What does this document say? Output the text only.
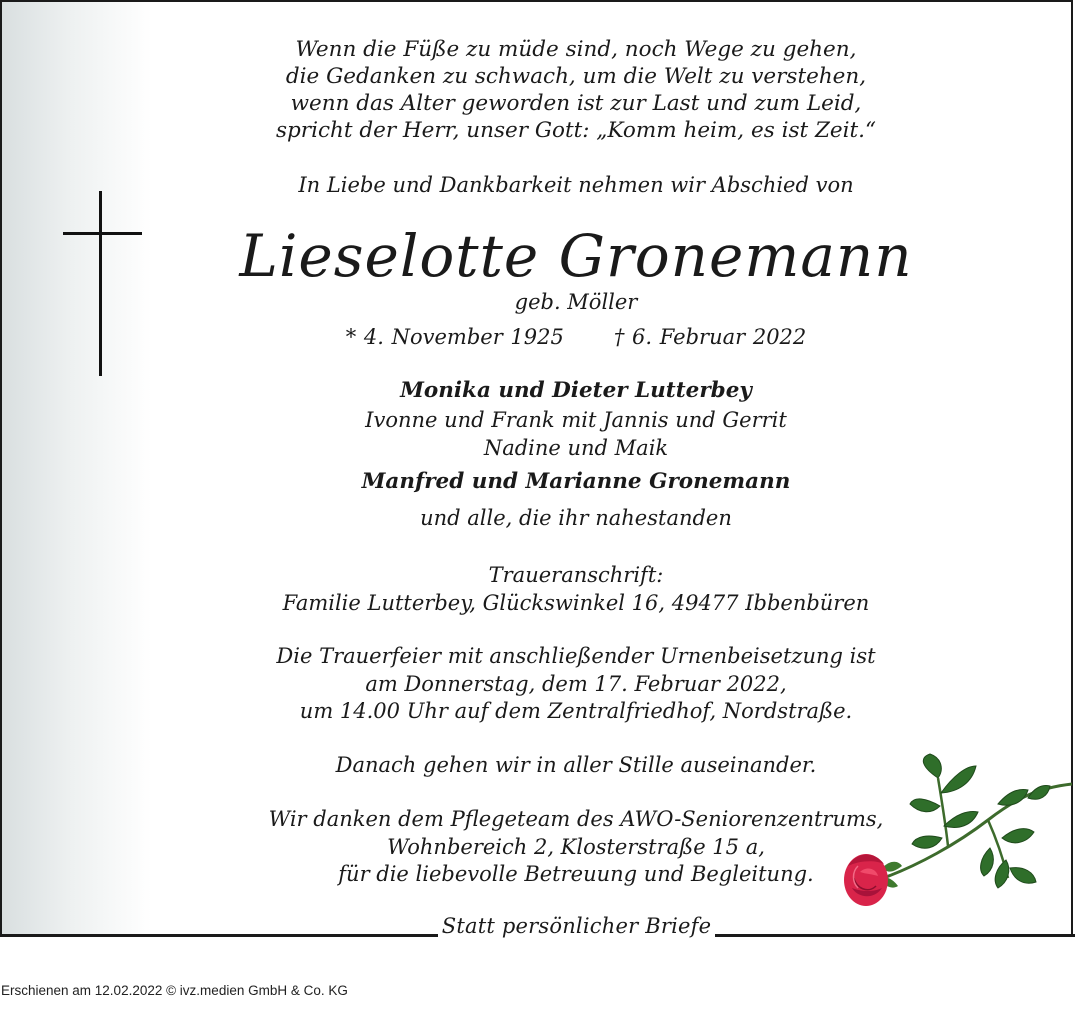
Wenn die Füße zu müde sind, noch Wege zu gehen,
die Gedanken zu schwach, um die Welt zu verstehen,
wenn das Alter geworden ist zur Last und zum Leid,
spricht der Herr, unser Gott: „Komm heim, es ist Zeit.“
In Liebe und Dankbarkeit nehmen wir Abschied von
Lieselotte Gronemann
geb. Möller
* 4. November 1925 † 6. Februar 2022
Monika und Dieter Lutterbey
Ivonne und Frank mit Jannis und Gerrit
Nadine und Maik
Manfred und Marianne Gronemann
und alle, die ihr nahestanden
Traueranschrift:
Familie Lutterbey, Glückswinkel 16, 49477 Ibbenbüren
Die Trauerfeier mit anschließender Urnenbeisetzung ist
am Donnerstag, dem 17. Februar 2022,
um 14.00 Uhr auf dem Zentralfriedhof, Nordstraße.
Danach gehen wir in aller Stille auseinander.
Wir danken dem Pflegeteam des AWO-Seniorenzentrums,
Wohnbereich 2, Klosterstraße 15 a,
für die liebevolle Betreuung und Begleitung.
Statt persönlicher Briefe
Erschienen am 12.02.2022 © ivz.medien GmbH & Co. KG
